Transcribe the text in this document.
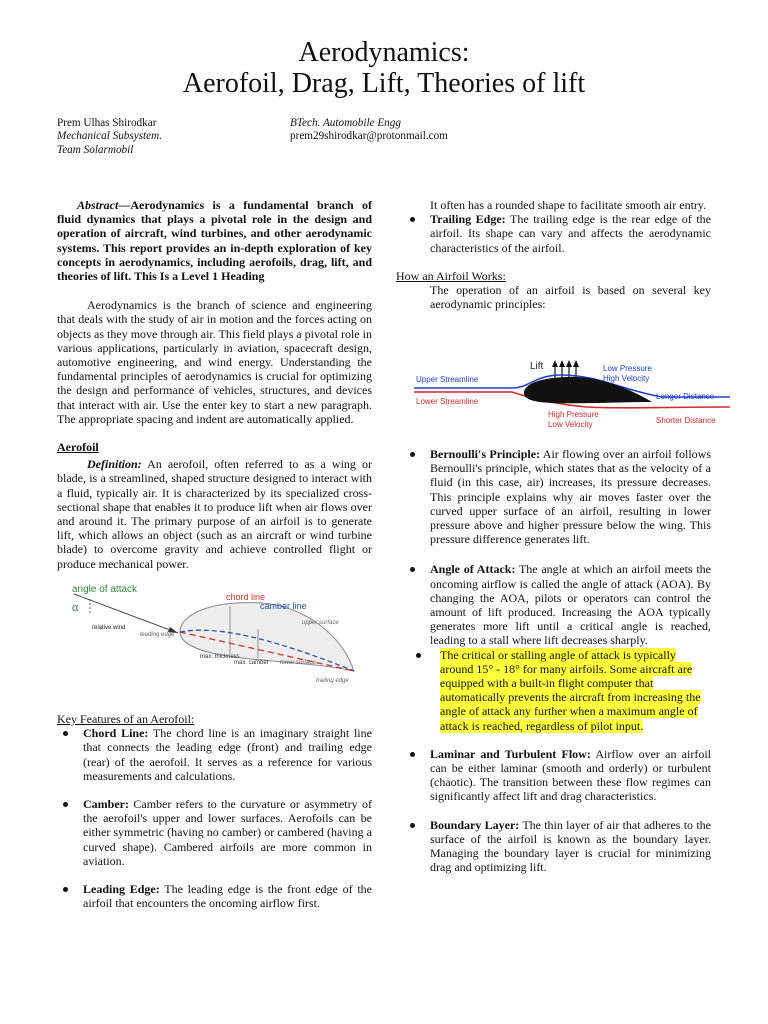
Aerodynamics:
Aerofoil, Drag, Lift, Theories of lift
Prem Ulhas Shirodkar
Mechanical Subsystem.
Team Solarmobil
BTech. Automobile Engg
prem29shirodkar@protonmail.com

Abstract—Aerodynamics is a fundamental branch of fluid dynamics that plays a pivotal role in the design and operation of aircraft, wind turbines, and other aerodynamic systems. This report provides an in-depth exploration of key concepts in aerodynamics, including aerofoils, drag, lift, and theories of lift. This Is a Level 1 Heading

Aerodynamics is the branch of science and engineering that deals with the study of air in motion and the forces acting on objects as they move through air. This field plays a pivotal role in various applications, particularly in aviation, spacecraft design, automotive engineering, and wind energy. Understanding the fundamental principles of aerodynamics is crucial for optimizing the design and performance of vehicles, structures, and devices that interact with air. Use the enter key to start a new paragraph. The appropriate spacing and indent are automatically applied.

Aerofoil

Definition: An aerofoil, often referred to as a wing or blade, is a streamlined, shaped structure designed to interact with a fluid, typically air. It is characterized by its specialized cross-sectional shape that enables it to produce lift when air flows over and around it. The primary purpose of an airfoil is to generate lift, which allows an object (such as an aircraft or wind turbine blade) to overcome gravity and achieve controlled flight or produce mechanical power.

angle of attack
α
relative wind
chord line
camber line
leading edge
upper surface
max. thickness
max. camber lower surface
trailing edge

Key Features of an Aerofoil:

Chord Line: The chord line is an imaginary straight line that connects the leading edge (front) and trailing edge (rear) of the aerofoil. It serves as a reference for various measurements and calculations.
Camber: Camber refers to the curvature or asymmetry of the aerofoil's upper and lower surfaces. Aerofoils can be either symmetric (having no camber) or cambered (having a curved shape). Cambered airfoils are more common in aviation.
Leading Edge: The leading edge is the front edge of the airfoil that encounters the oncoming airflow first.

It often has a rounded shape to facilitate smooth air entry.

Trailing Edge: The trailing edge is the rear edge of the airfoil. Its shape can vary and affects the aerodynamic characteristics of the airfoil.

How an Airfoil Works:

The operation of an airfoil is based on several key aerodynamic principles:

Lift
Upper Streamline
Lower Streamline
Low Pressure
High Velocity
Longer Distance
High Pressure
Low Velocity	Shorter Distance
Bernoulli's Principle: Air flowing over an airfoil follows Bernoulli's principle, which states that as the velocity of a fluid (in this case, air) increases, its pressure decreases. This principle explains why air moves faster over the curved upper surface of an airfoil, resulting in lower pressure above and higher pressure below the wing. This pressure difference generates lift.
Angle of Attack: The angle at which an airfoil meets the oncoming airflow is called the angle of attack (AOA). By changing the AOA, pilots or operators can control the amount of lift produced. Increasing the AOA typically generates more lift until a critical angle is reached, leading to a stall where lift decreases sharply.
The critical or stalling angle of attack is typically around 15° - 18° for many airfoils. Some aircraft are equipped with a built-in flight computer that automatically prevents the aircraft from increasing the angle of attack any further when a maximum angle of attack is reached, regardless of pilot input.
Laminar and Turbulent Flow: Airflow over an airfoil can be either laminar (smooth and orderly) or turbulent (chaotic). The transition between these flow regimes can significantly affect lift and drag characteristics.
Boundary Layer: The thin layer of air that adheres to the surface of the airfoil is known as the boundary layer. Managing the boundary layer is crucial for minimizing drag and optimizing lift.
